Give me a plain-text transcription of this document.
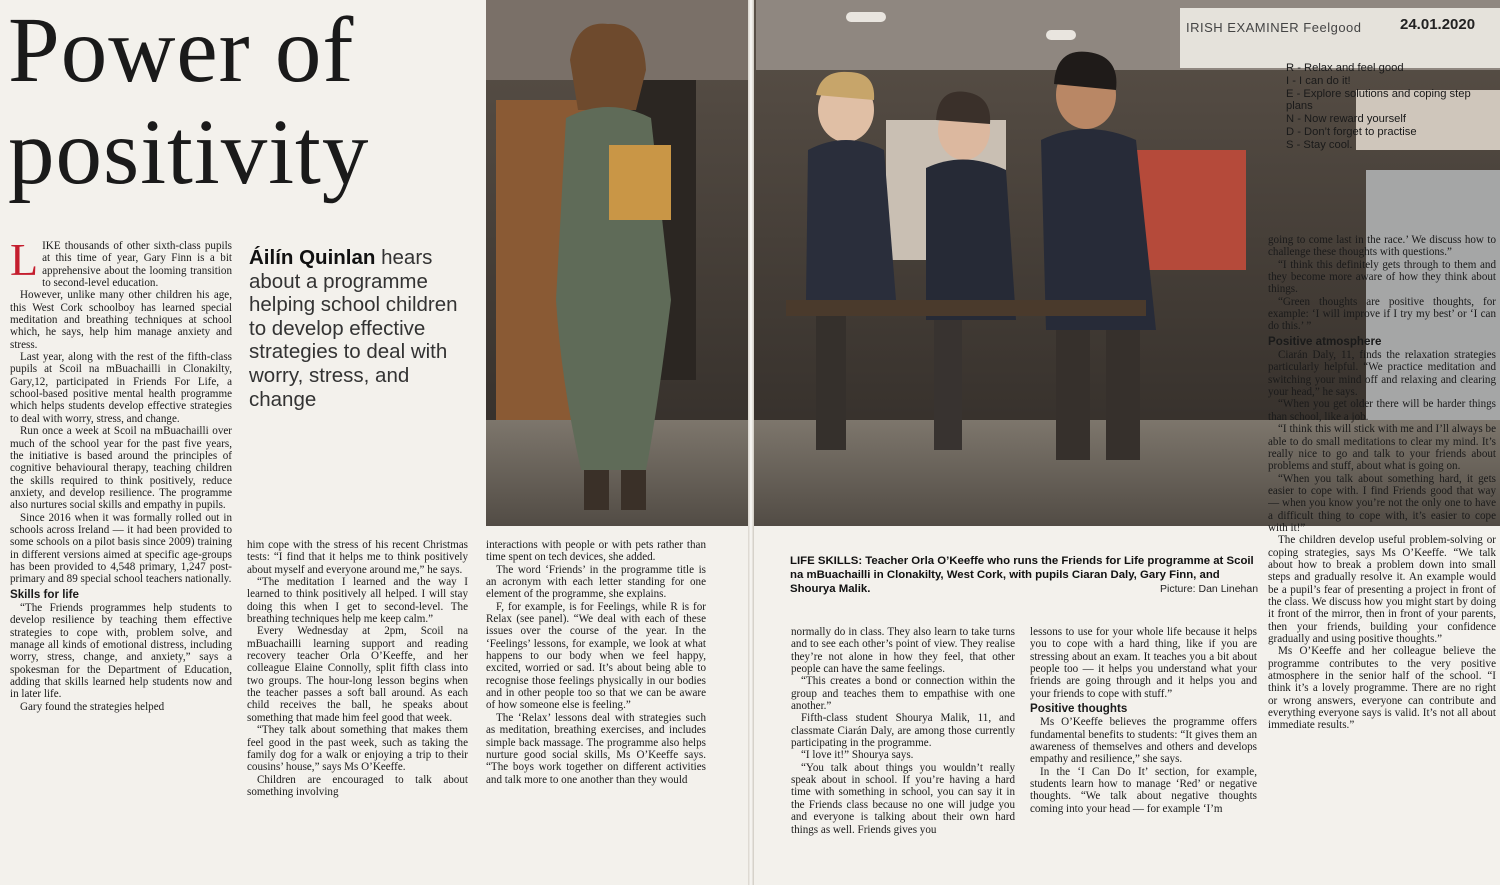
Power of positivity
Áilín Quinlan hears about a programme helping school children to develop effective strategies to deal with worry, stress, and change

LIKE thousands of other sixth-class pupils at this time of year, Gary Finn is a bit apprehensive about the looming transition to second-level education.

However, unlike many other children his age, this West Cork schoolboy has learned special meditation and breathing techniques at school which, he says, help him manage anxiety and stress.

Last year, along with the rest of the fifth-class pupils at Scoil na mBuachailli in Clonakilty, Gary,12, participated in Friends For Life, a school-based positive mental health programme which helps students develop effective strategies to deal with worry, stress, and change.

Run once a week at Scoil na mBuachailli over much of the school year for the past five years, the initiative is based around the principles of cognitive behavioural therapy, teaching children the skills required to think positively, reduce anxiety, and develop resilience. The programme also nurtures social skills and empathy in pupils.

Since 2016 when it was formally rolled out in schools across Ireland — it had been provided to some schools on a pilot basis since 2009) training in different versions aimed at specific age-groups has been provided to 4,548 primary, 1,247 post-primary and 89 special school teachers nationally.

Skills for life

“The Friends programmes help students to develop resilience by teaching them effective strategies to cope with, problem solve, and manage all kinds of emotional distress, including worry, stress, change, and anxiety,” says a spokesman for the Department of Education, adding that skills learned help students now and in later life.

Gary found the strategies helped

him cope with the stress of his recent Christmas tests: “I find that it helps me to think positively about myself and everyone around me,” he says.

“The meditation I learned and the way I learned to think positively all helped. I will stay doing this when I get to second-level. The breathing techniques help me keep calm.”

Every Wednesday at 2pm, Scoil na mBuachailli learning support and reading recovery teacher Orla O’Keeffe, and her colleague Elaine Connolly, split fifth class into two groups. The hour-long lesson begins when the teacher passes a soft ball around. As each child receives the ball, he speaks about something that made him feel good that week.

“They talk about something that makes them feel good in the past week, such as taking the family dog for a walk or enjoying a trip to their cousins’ house,” says Ms O’Keeffe.

Children are encouraged to talk about something involving

interactions with people or with pets rather than time spent on tech devices, she added.

The word ‘Friends’ in the programme title is an acronym with each letter standing for one element of the programme, she explains.

F, for example, is for Feelings, while R is for Relax (see panel). “We deal with each of these issues over the course of the year. In the ‘Feelings’ lessons, for example, we look at what happens to our body when we feel happy, excited, worried or sad. It’s about being able to recognise those feelings physically in our bodies and in other people too so that we can be aware of how someone else is feeling.”

The ‘Relax’ lessons deal with strategies such as meditation, breathing exercises, and includes simple back massage. The programme also helps nurture good social skills, Ms O’Keeffe says. “The boys work together on different activities and talk more to one another than they would

IRISH EXAMINER Feelgood	24.01.2020
R - Relax and feel good
I - I can do it!
E - Explore solutions and coping step plans
N - Now reward yourself
D - Don’t forget to practise
S - Stay cool.
LIFE SKILLS: Teacher Orla O’Keeffe who runs the Friends for Life programme at Scoil na mBuachailli in Clonakilty, West Cork, with pupils Ciaran Daly, Gary Finn, and Shourya Malik.	Picture: Dan Linehan

normally do in class. They also learn to take turns and to see each other’s point of view. They realise they’re not alone in how they feel, that other people can have the same feelings.

“This creates a bond or connection within the group and teaches them to empathise with one another.”

Fifth-class student Shourya Malik, 11, and classmate Ciarán Daly, are among those currently participating in the programme.

“I love it!” Shourya says.

“You talk about things you wouldn’t really speak about in school. If you’re having a hard time with something in school, you can say it in the Friends class because no one will judge you and everyone is talking about their own hard things as well. Friends gives you

lessons to use for your whole life because it helps you to cope with a hard thing, like if you are stressing about an exam. It teaches you a bit about people too — it helps you understand what your friends are going through and it helps you and your friends to cope with stuff.”

Positive thoughts

Ms O’Keeffe believes the programme offers fundamental benefits to students: “It gives them an awareness of themselves and others and develops empathy and resilience,” she says.

In the ‘I Can Do It’ section, for example, students learn how to manage ‘Red’ or negative thoughts. “We talk about negative thoughts coming into your head — for example ‘I’m

going to come last in the race.’ We discuss how to challenge these thoughts with questions.”

“I think this definitely gets through to them and they become more aware of how they think about things.

“Green thoughts are positive thoughts, for example: ‘I will improve if I try my best’ or ‘I can do this.’ ”

Positive atmosphere

Ciarán Daly, 11, finds the relaxation strategies particularly helpful. “We practice meditation and switching your mind off and relaxing and clearing your head,” he says.

“When you get older there will be harder things than school, like a job.

“I think this will stick with me and I’ll always be able to do small meditations to clear my mind. It’s really nice to go and talk to your friends about problems and stuff, about what is going on.

“When you talk about something hard, it gets easier to cope with. I find Friends good that way — when you know you’re not the only one to have a difficult thing to cope with, it’s easier to cope with it!”

The children develop useful problem-solving or coping strategies, says Ms O’Keeffe. “We talk about how to break a problem down into small steps and gradually resolve it. An example would be a pupil’s fear of presenting a project in front of the class. We discuss how you might start by doing it front of the mirror, then in front of your parents, then your friends, building your confidence gradually and using positive thoughts.”

Ms O’Keeffe and her colleague believe the programme contributes to the very positive atmosphere in the senior half of the school. “I think it’s a lovely programme. There are no right or wrong answers, everyone can contribute and everything everyone says is valid. It’s not all about immediate results.”
